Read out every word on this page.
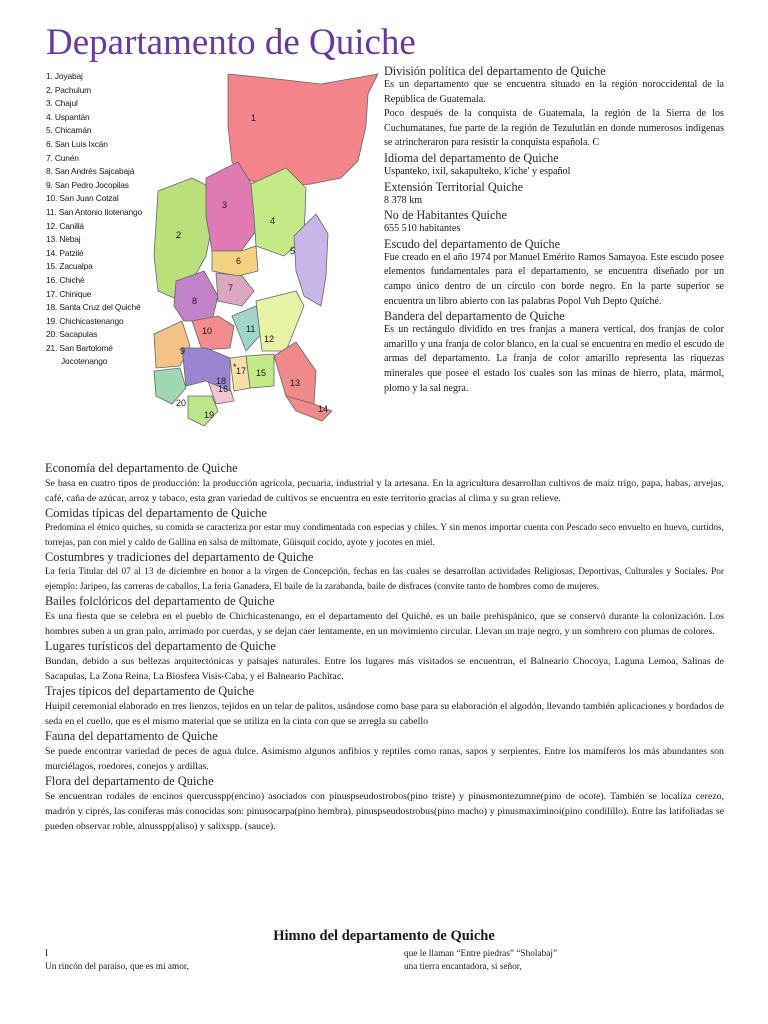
Departamento de Quiche
1. Joyabaj
2. Pachulum
3. Chajul
4. Uspantán
5. Chicamán
6. San Luis Ixcán
7. Cunén
8. San Andrés Sajcabajá
9. San Pedro Jocopilas
10. San Juan Cotzal
11. San Antonio Ilotenango
12. Canillá
13. Nebaj
14. Patzilé
15. Zacualpa
16. Chiché
17. Chinique
18. Santa Cruz del Quiché
19. Chichicastenango
20. Sacapulas
21. San Bartolomé
Jocotenango
1
2
3
4
5
6
7
8
9
10	11
12
13
14
15
16
17
18
19
20
*
División política del departamento de Quiche
Es un departamento que se encuentra situado en la región noroccidental de la República de Guatemala.
Poco después de la conquista de Guatemala, la región de la Sierra de los Cuchumatanes, fue parte de la región de Tezulutlán en donde numerosos indígenas se atrincheraron para resistir la conquista española. C
Idioma del departamento de Quiche
Uspanteko, ixil, sakapulteko, k'iche' y español
Extensión Territorial Quiche
8 378 km
No de Habitantes Quiche
655 510 habitantes
Escudo del departamento de Quiche
Fue creado en el año 1974 por Manuel Emérito Ramos Samayoa. Este escudo posee elementos fundamentales para el departamento, se encuentra diseñado por un campo único dentro de un círculo con borde negro. En la parte superior se encuentra un libro abierto con las palabras Popol Vuh Depto Quiché.
Bandera del departamento de Quiche
Es un rectángulo dividido en tres franjas a manera vertical, dos franjas de color amarillo y una franja de color blanco, en la cual se encuentra en medio el escudo de armas del departamento. La franja de color amarillo representa las riquezas minerales que posee el estado los cuales son las minas de hierro, plata, mármol, plomo y la sal negra.
Economía del departamento de Quiche
Se basa en cuatro tipos de producción: la producción agrícola, pecuaria, industrial y la artesana. En la agricultura desarrollan cultivos de maíz trigo, papa, habas, arvejas, café, caña de azúcar, arroz y tabaco, esta gran variedad de cultivos se encuentra en este territorio gracias al clima y su gran relieve.
Comidas típicas del departamento de Quiche
Predomina el étnico quiches, su comida se caracteriza por estar muy condimentada con especias y chiles. Y sin menos importar cuenta con Pescado seco envuelto en huevo, curtidos, torrejas, pan con miel y caldo de Gallina en salsa de miltomate, Güisquil cocido, ayote y jocotes en miel.
Costumbres y tradiciones del departamento de Quiche
La feria Titular del 07 al 13 de diciembre en honor a la virgen de Concepción, fechas en las cuales se desarrollan actividades Religiosas, Deportivas, Culturales y Sociales. Por ejemplo: Jaripeo, las carreras de caballos, La feria Ganadera, El baile de la zarabanda, baile de disfraces (convite tanto de hombres como de mujeres.
Bailes folclóricos del departamento de Quiche
Es una fiesta que se celebra en el pueblo de Chichicastenango, en el departamento del Quiché. es un baile prehispánico, que se conservó durante la colonización. Los hombres suben a un gran palo, arrimado por cuerdas, y se dejan caer lentamente, en un movimiento circular. Llevan un traje negro, y un sombrero con plumas de colores.
Lugares turísticos del departamento de Quiche
Bundan, debido a sus bellezas arquitectónicas y paisajes naturales. Entre los lugares más visitados se encuentran, el Balneario Chocoya, Laguna Lemoa, Salinas de Sacapulas, La Zona Reina, La Biosfera Visis-Caba, y el Balneario Pachitac.
Trajes típicos del departamento de Quiche
Huipil ceremonial elaborado en tres lienzos, tejidos en un telar de palitos, usándose como base para su elaboración el algodón, llevando también aplicaciones y bordados de seda en el cuello, que es el mismo material que se utiliza en la cinta con que se arregla su cabello
Fauna del departamento de Quiche
Se puede encontrar variedad de peces de agua dulce. Asimismo algunos anfibios y reptiles como ranas, sapos y serpientes. Entre los mamíferos los más abundantes son murciélagos, roedores, conejos y ardillas.
Flora del departamento de Quiche
Se encuentran rodales de encinos quercusspp(encino) asociados con pinuspseudostrobos(pino triste) y pinusmontezumne(pino de ocote). También se localiza cerezo, madrón y ciprés, las coníferas más conocidas son: pinusocarpa(pino hembra), pinuspseudostrobus(pino macho) y pinusmaximinoi(pino condilillo). Entre las latifoliadas se pueden observar roble, alnusspp(aliso) y salixspp. (sauce).
Himno del departamento de Quiche
I
Un rincón del paraíso, que es mi amor,
que le llaman “Entre piedras” “Sholabaj”
una tierra encantadora, si señor,
